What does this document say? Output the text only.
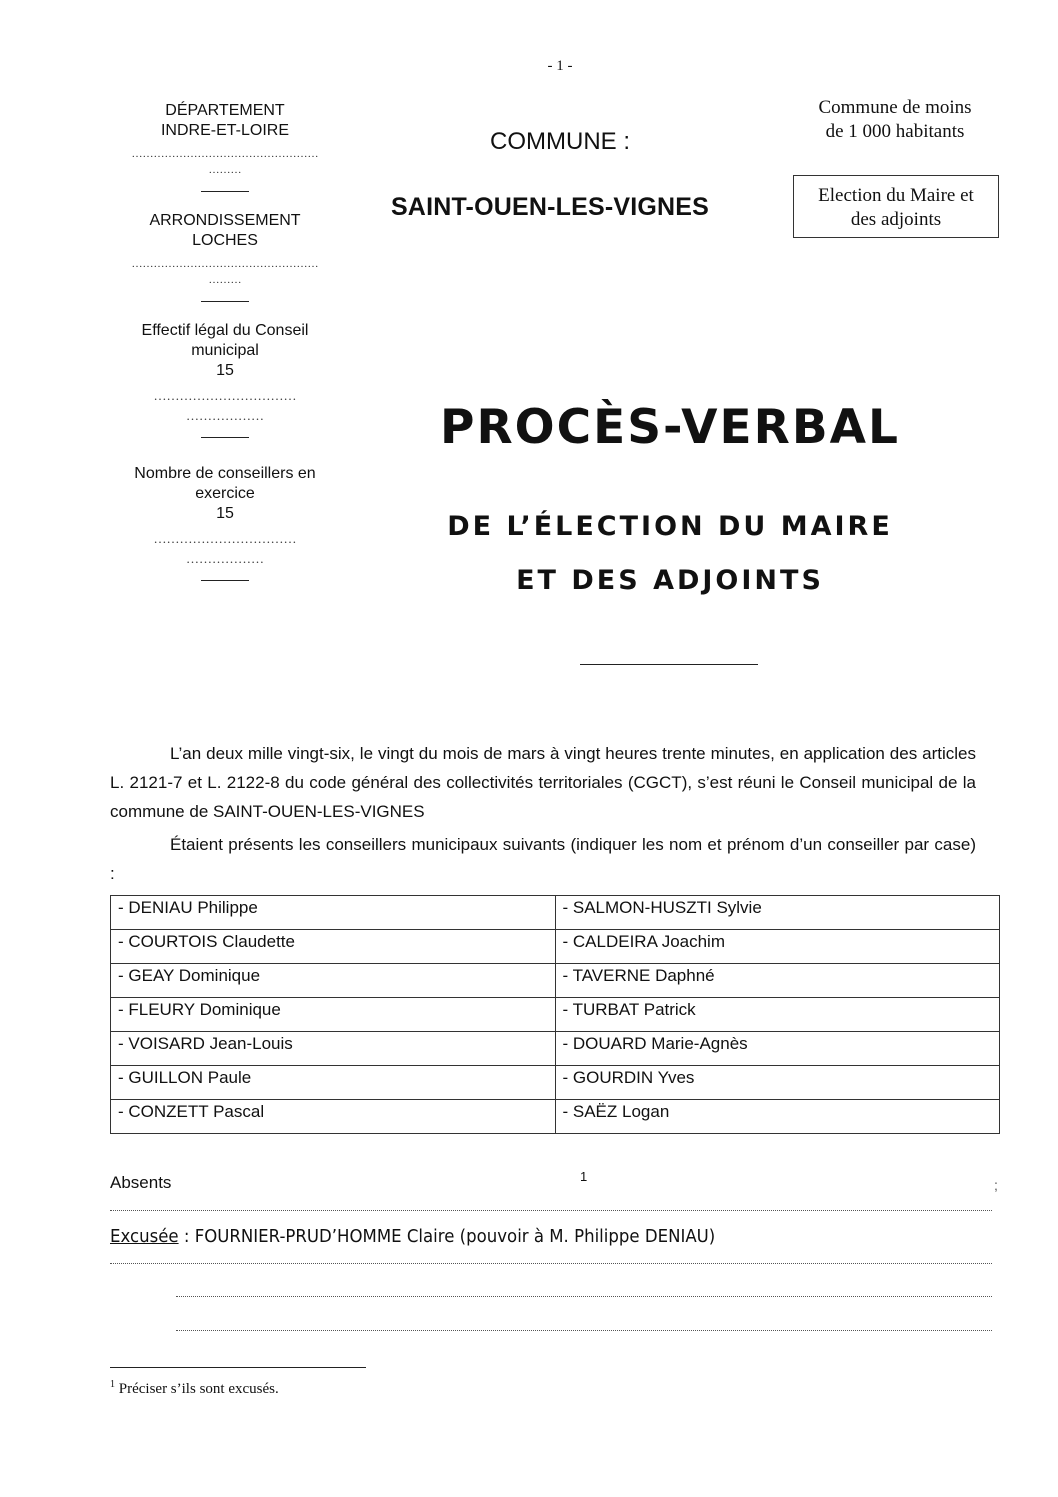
- 1 -
DÉPARTEMENT
INDRE-ET-LOIRE
……………………………………………
………
ARRONDISSEMENT
LOCHES
……………………………………………
………
Effectif légal du Conseil
municipal
15
……………………………
………………
Nombre de conseillers en
exercice
15
……………………………
………………
COMMUNE :
SAINT-OUEN-LES-VIGNES
Commune de moins
de 1 000 habitants
Election du Maire et
des adjoints
PROCÈS-VERBAL
DE L’ÉLECTION DU MAIRE
ET DES ADJOINTS
L’an deux mille vingt-six, le vingt du mois de mars à vingt heures trente minutes, en application des articles L. 2121-7 et L. 2122-8 du code général des collectivités territoriales (CGCT), s’est réuni le Conseil municipal de la commune de SAINT-OUEN-LES-VIGNES
Étaient présents les conseillers municipaux suivants (indiquer les nom et prénom d’un conseiller par case) :
- DENIAU Philippe	- SALMON-HUSZTI Sylvie
- COURTOIS Claudette	- CALDEIRA Joachim
- GEAY Dominique	- TAVERNE Daphné
- FLEURY Dominique	- TURBAT Patrick
- VOISARD Jean-Louis	- DOUARD Marie-Agnès
- GUILLON Paule	- GOURDIN Yves
- CONZETT Pascal	- SAËZ Logan
Absents	1
;
Excusée : FOURNIER-PRUD’HOMME Claire (pouvoir à M. Philippe DENIAU)
$^1$ Préciser s’ils sont excusés.
